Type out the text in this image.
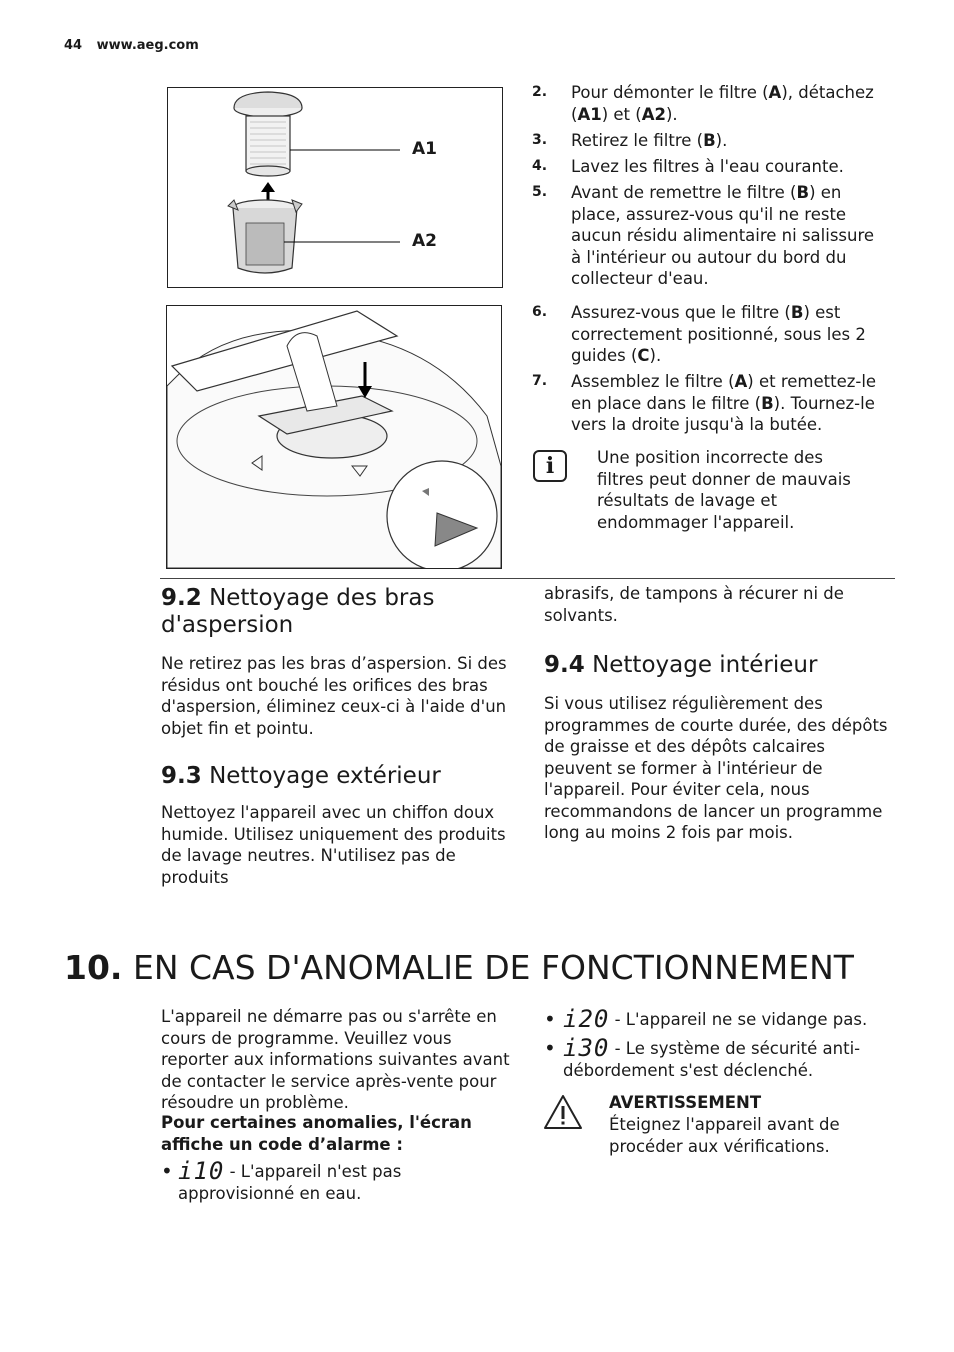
44 www.aeg.com
A1
A2
2. Pour démonter le filtre (A), détachez (A1) et (A2).
3. Retirez le filtre (B).
4. Lavez les filtres à l'eau courante.
5. Avant de remettre le filtre (B) en place, assurez-vous qu'il ne reste aucun résidu alimentaire ni salissure à l'intérieur ou autour du bord du collecteur d'eau.
6. Assurez-vous que le filtre (B) est correctement positionné, sous les 2 guides (C).
7. Assemblez le filtre (A) et remettez-le en place dans le filtre (B). Tournez-le vers la droite jusqu'à la butée.
i	Une position incorrecte des filtres peut donner de mauvais résultats de lavage et endommager l'appareil.
9.2 Nettoyage des bras d'aspersion
Ne retirez pas les bras d’aspersion. Si des résidus ont bouché les orifices des bras d'aspersion, éliminez ceux-ci à l'aide d'un objet fin et pointu.
9.3 Nettoyage extérieur
Nettoyez l'appareil avec un chiffon doux humide. Utilisez uniquement des produits de lavage neutres. N'utilisez pas de produits
abrasifs, de tampons à récurer ni de solvants.
9.4 Nettoyage intérieur
Si vous utilisez régulièrement des programmes de courte durée, des dépôts de graisse et des dépôts calcaires peuvent se former à l'intérieur de l'appareil. Pour éviter cela, nous recommandons de lancer un programme long au moins 2 fois par mois.
10. EN CAS D'ANOMALIE DE FONCTIONNEMENT
L'appareil ne démarre pas ou s'arrête en cours de programme. Veuillez vous reporter aux informations suivantes avant de contacter le service après-vente pour résoudre un problème.
Pour certaines anomalies, l'écran affiche un code d’alarme :
• i10 - L'appareil n'est pas approvisionné en eau.
• i20 - L'appareil ne se vidange pas.
• i30 - Le système de sécurité anti-débordement s'est déclenché.
AVERTISSEMENT
Éteignez l'appareil avant de procéder aux vérifications.
